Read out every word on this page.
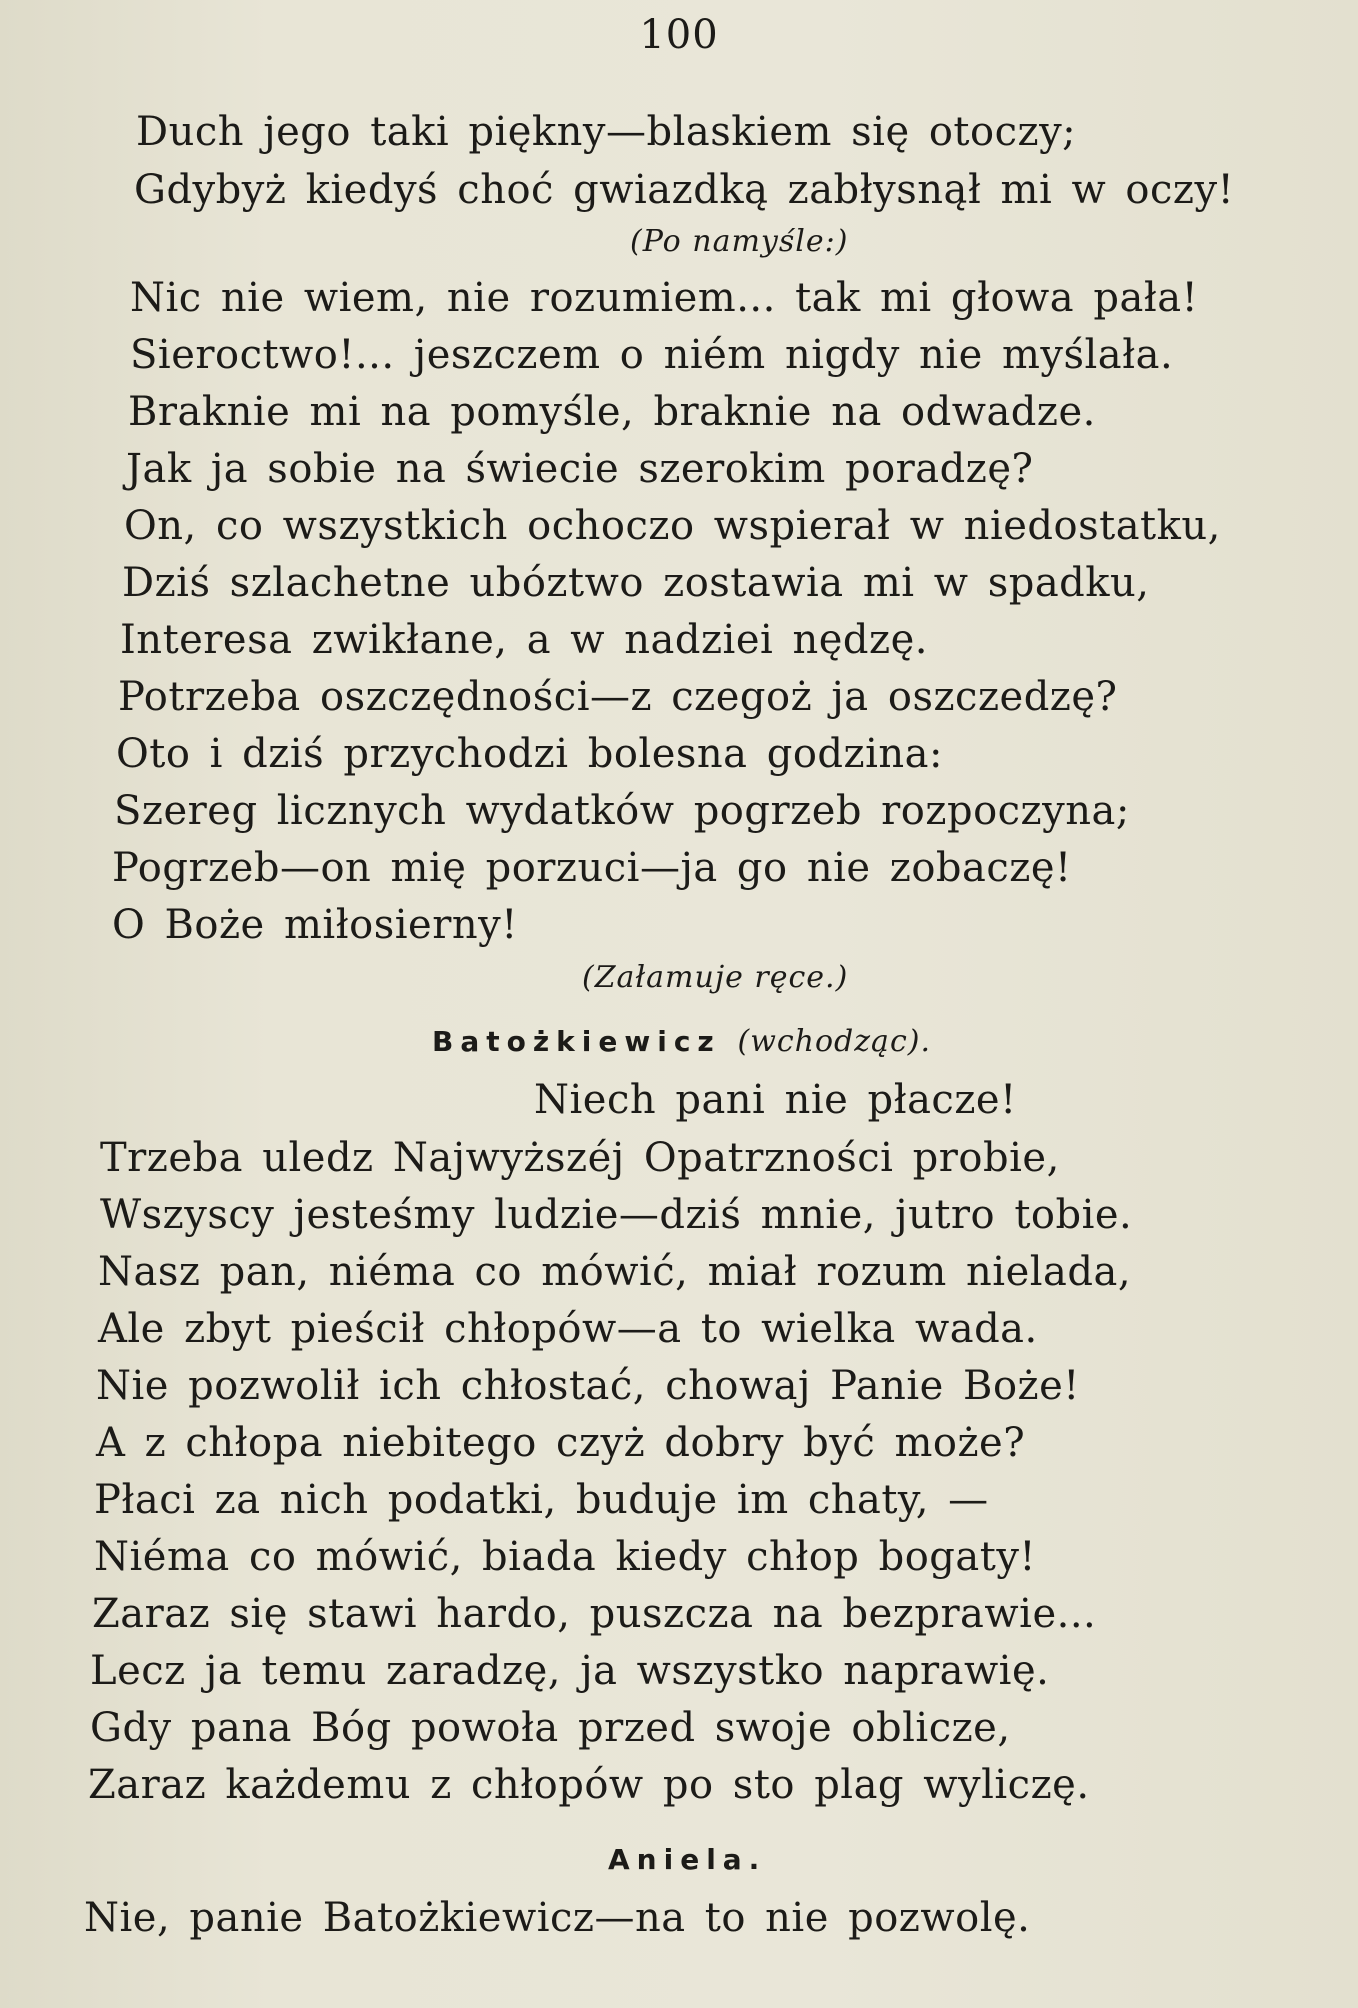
100
Duch jego taki piękny—blaskiem się otoczy;
Gdybyż kiedyś choć gwiazdką zabłysnął mi w oczy!
(Po namyśle:)
Nic nie wiem, nie rozumiem... tak mi głowa pała!
Sieroctwo!... jeszczem o niém nigdy nie myślała.
Braknie mi na pomyśle, braknie na odwadze.
Jak ja sobie na świecie szerokim poradzę?
On, co wszystkich ochoczo wspierał w niedostatku,
Dziś szlachetne ubóztwo zostawia mi w spadku,
Interesa zwikłane, a w nadziei nędzę.
Potrzeba oszczędności—z czegoż ja oszczedzę?
Oto i dziś przychodzi bolesna godzina:
Szereg licznych wydatków pogrzeb rozpoczyna;
Pogrzeb—on mię porzuci—ja go nie zobaczę!
O Boże miłosierny!
(Załamuje ręce.)
Batożkiewicz (wchodząc).
Niech pani nie płacze!
Trzeba uledz Najwyższéj Opatrzności probie,
Wszyscy jesteśmy ludzie—dziś mnie, jutro tobie.
Nasz pan, niéma co mówić, miał rozum nielada,
Ale zbyt pieścił chłopów—a to wielka wada.
Nie pozwolił ich chłostać, chowaj Panie Boże!
A z chłopa niebitego czyż dobry być może?
Płaci za nich podatki, buduje im chaty, —
Niéma co mówić, biada kiedy chłop bogaty!
Zaraz się stawi hardo, puszcza na bezprawie...
Lecz ja temu zaradzę, ja wszystko naprawię.
Gdy pana Bóg powoła przed swoje oblicze,
Zaraz każdemu z chłopów po sto plag wyliczę.
Aniela.
Nie, panie Batożkiewicz—na to nie pozwolę.
